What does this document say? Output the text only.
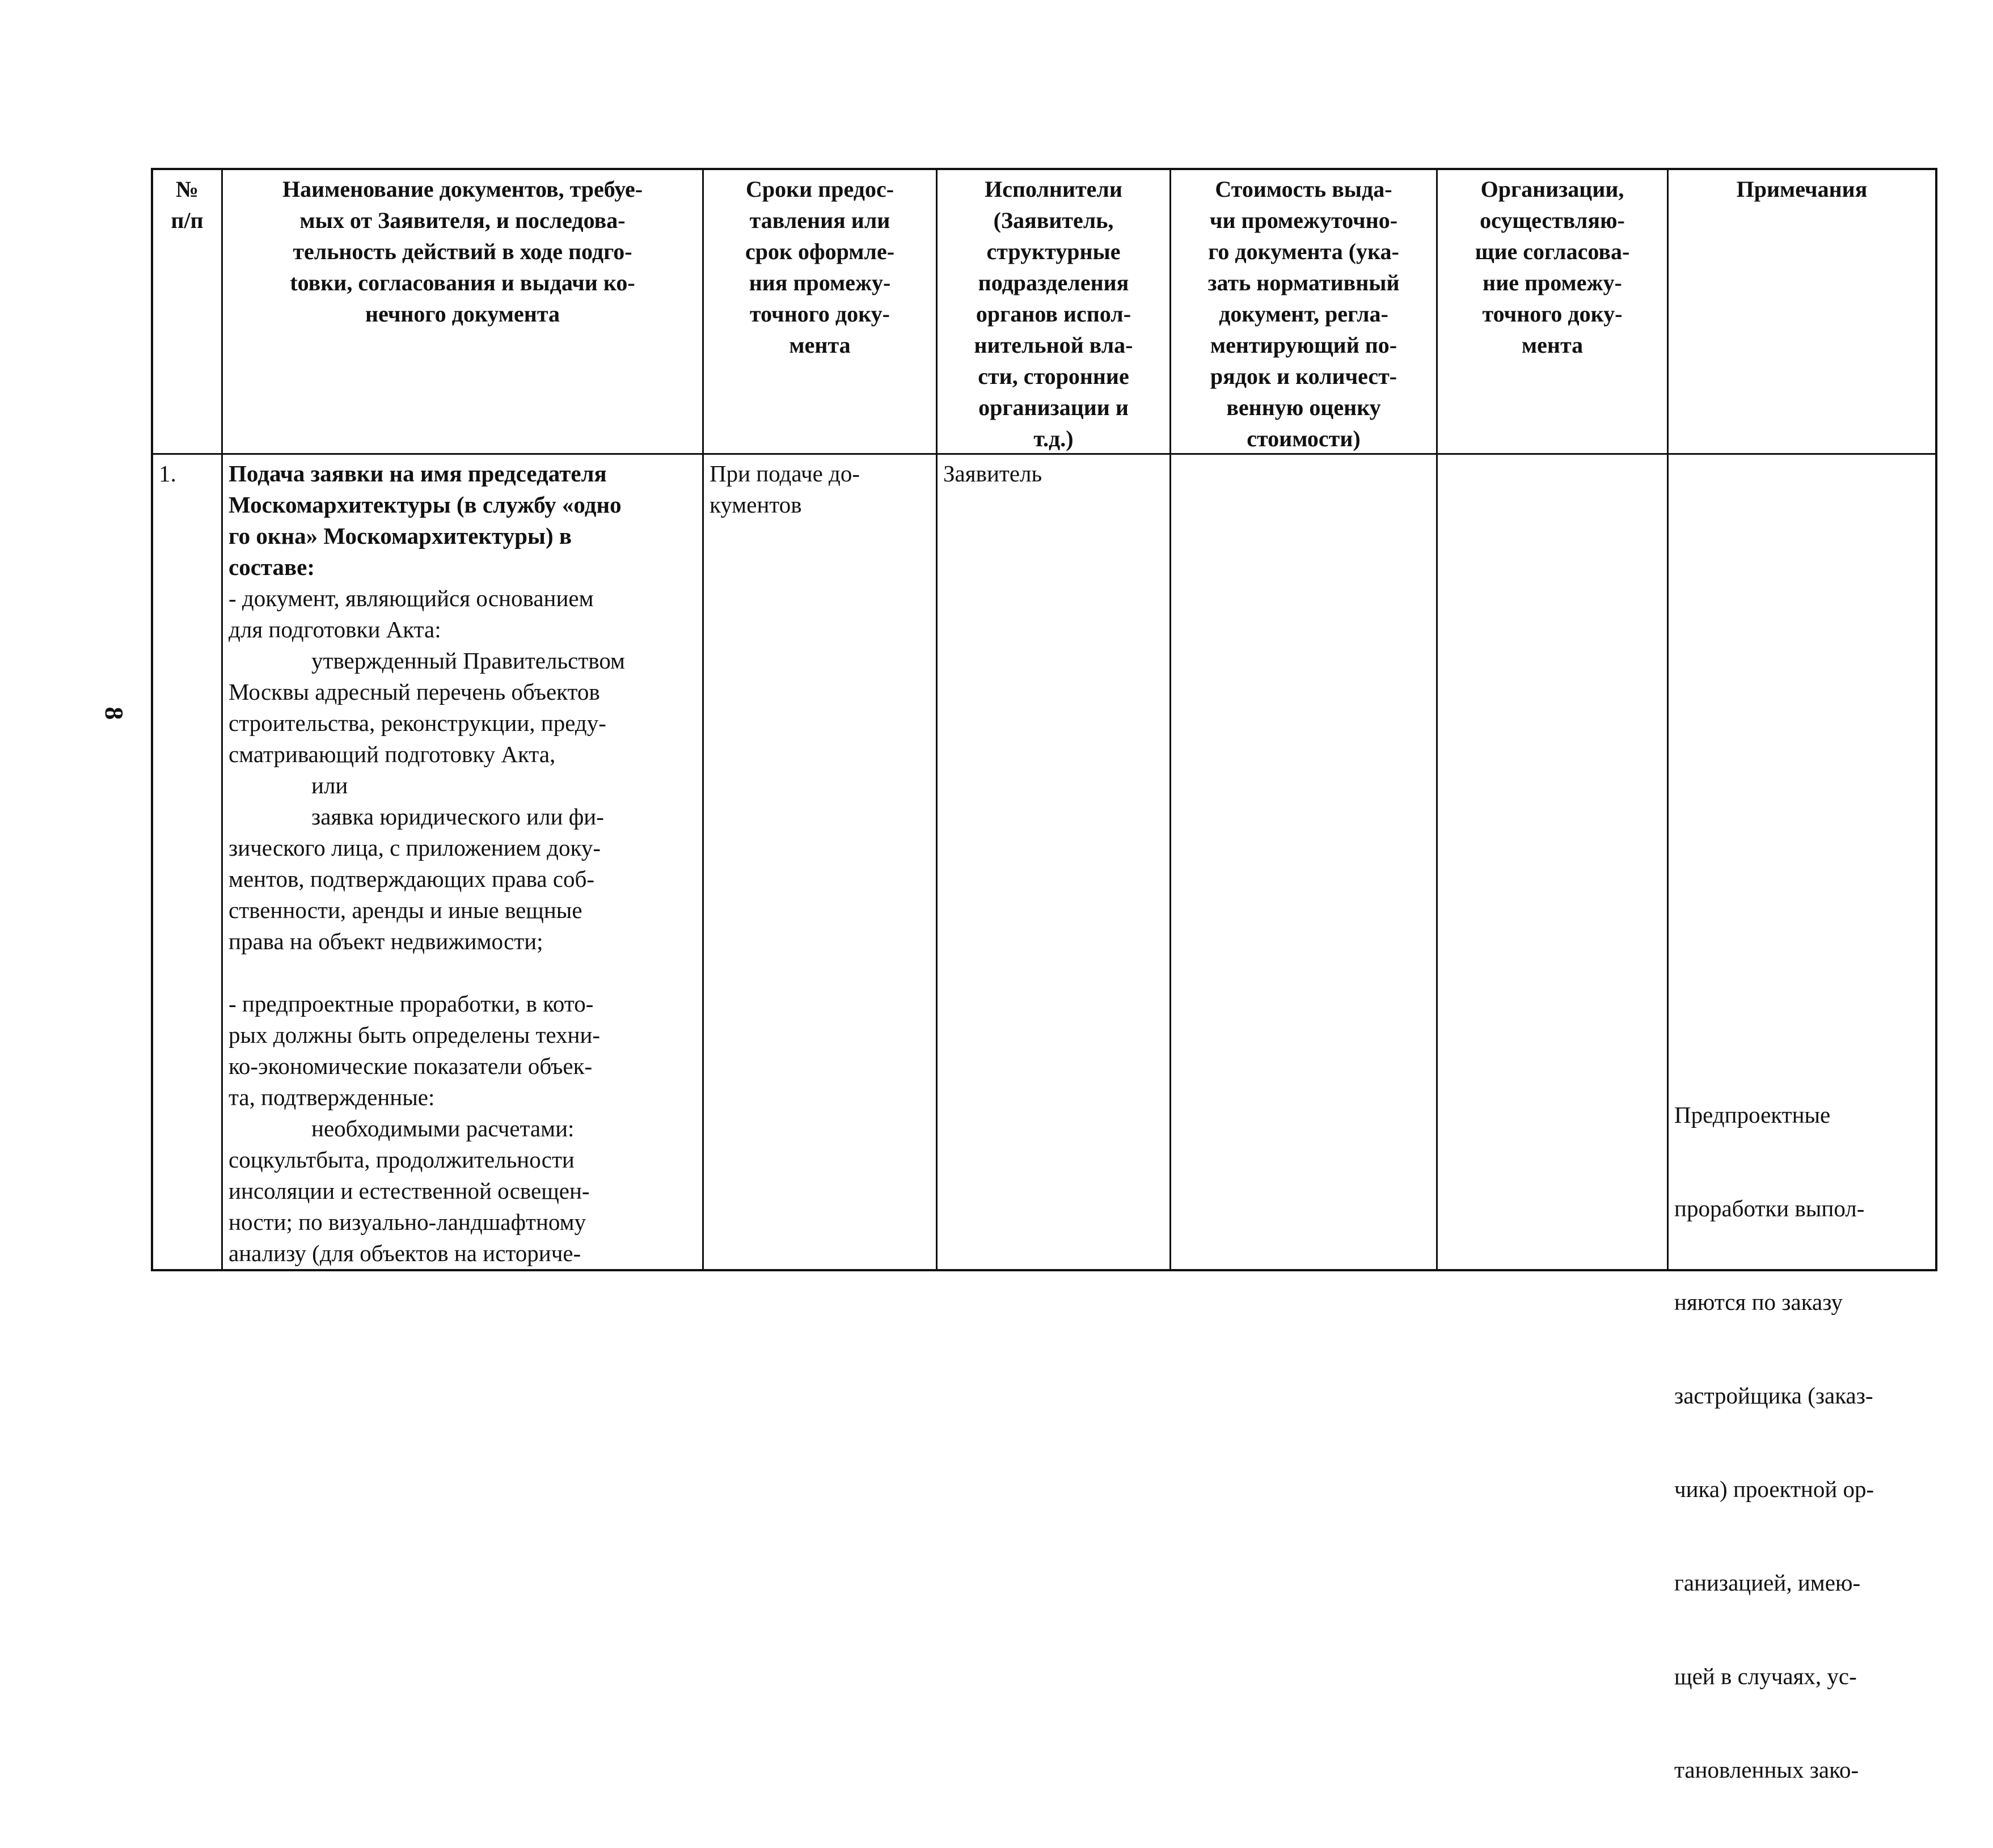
8
№
п/п
Наименование документов, требуе-
мых от Заявителя, и последова-
тельность действий в ходе подго-
tовки, согласования и выдачи ко-
нечного документа
Сроки предос-
тавления или
срок оформле-
ния промежу-
точного доку-
мента
Исполнители
(Заявитель,
структурные
подразделения
органов испол-
нительной вла-
сти, сторонние
организации и
т.д.)
Стоимость выда-
чи промежуточно-
го документа (ука-
зать нормативный
документ, регла-
ментирующий по-
рядок и количест-
венную оценку
стоимости)
Организации,
осуществляю-
щие согласова-
ние промежу-
точного доку-
мента
Примечания
1.	Подача заявки на имя председателя
Москомархитектуры (в службу «одно
го окна» Москомархитектуры) в
составе:
- документ, являющийся основанием
для подготовки Акта:
утвержденный Правительством
Москвы адресный перечень объектов
строительства, реконструкции, преду-
сматривающий подготовку Акта,
или
заявка юридического или фи-
зического лица, с приложением доку-
ментов, подтверждающих права соб-
ственности, аренды и иные вещные
права на объект недвижимости;
- предпроектные проработки, в кото-
рых должны быть определены техни-
ко-экономические показатели объек-
та, подтвержденные:
необходимыми расчетами:
соцкультбыта, продолжительности
инсоляции и естественной освещен-
ности; по визуально-ландшафтному
анализу (для объектов на историче-
При подаче до-
кументов
Заявитель

Предпроектные

проработки выпол-

няются по заказу

застройщика (заказ-

чика) проектной ор-

ганизацией, имею-

щей в случаях, ус-

тановленных зако-
